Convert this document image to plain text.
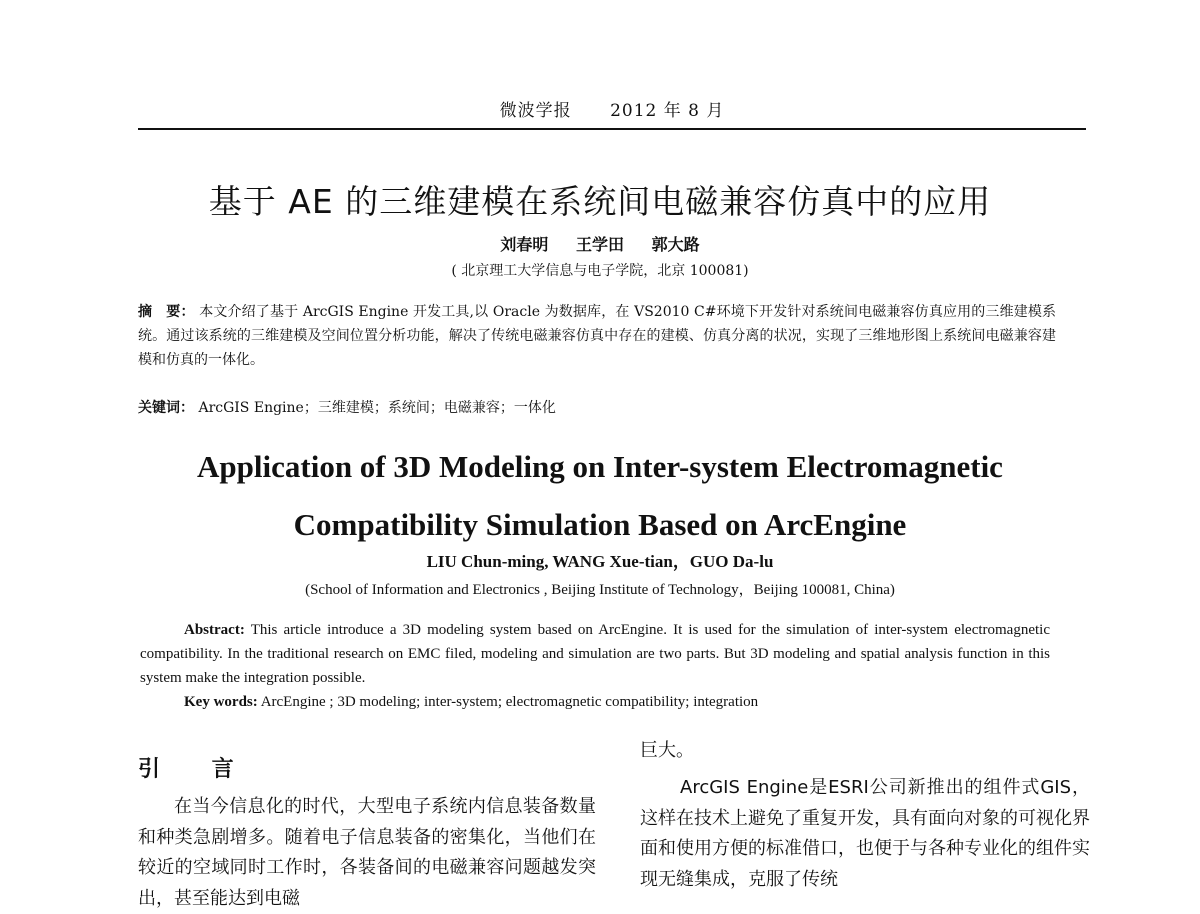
微波学报 2012 年 8 月
基于 AE 的三维建模在系统间电磁兼容仿真中的应用
刘春明 王学田 郭大路
( 北京理工大学信息与电子学院，北京 100081)
摘　要： 本文介绍了基于 ArcGIS Engine 开发工具,以 Oracle 为数据库，在 VS2010 C#环境下开发针对系统间电磁兼容仿真应用的三维建模系统。通过该系统的三维建模及空间位置分析功能，解决了传统电磁兼容仿真中存在的建模、仿真分离的状况，实现了三维地形图上系统间电磁兼容建模和仿真的一体化。
关键词： ArcGIS Engine；三维建模；系统间；电磁兼容；一体化
Application of 3D Modeling on Inter-system Electromagnetic
Compatibility Simulation Based on ArcEngine
LIU Chun-ming, WANG Xue-tian，GUO Da-lu
(School of Information and Electronics , Beijing Institute of Technology，Beijing 100081, China)
Abstract: This article introduce a 3D modeling system based on ArcEngine. It is used for the simulation of inter-system electromagnetic compatibility. In the traditional research on EMC filed, modeling and simulation are two parts. But 3D modeling and spatial analysis function in this system make the integration possible.
Key words: ArcEngine ; 3D modeling; inter-system; electromagnetic compatibility; integration
引 言
在当今信息化的时代，大型电子系统内信息装备数量和种类急剧增多。随着电子信息装备的密集化，当他们在较近的空域同时工作时，各装备间的电磁兼容问题越发突出，甚至能达到电磁
巨大。
ArcGIS Engine是ESRI公司新推出的组件式GIS，这样在技术上避免了重复开发，具有面向对象的可视化界面和使用方便的标准借口，也便于与各种专业化的组件实现无缝集成，克服了传统
